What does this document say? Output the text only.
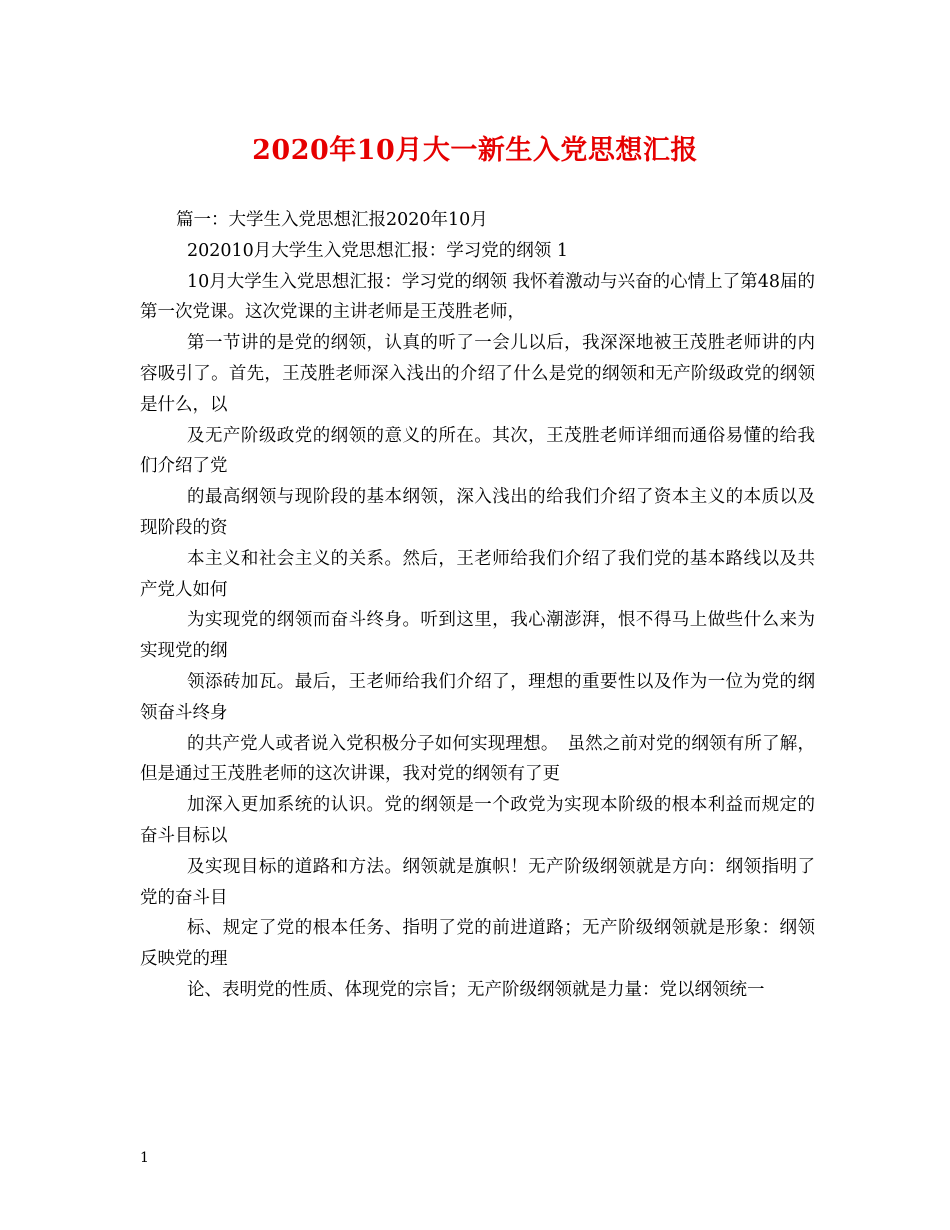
2020年10月大一新生入党思想汇报

篇一：大学生入党思想汇报2020年10月

202010月大学生入党思想汇报：学习党的纲领 1

10月大学生入党思想汇报：学习党的纲领 我怀着激动与兴奋的心情上了第48届的第一次党课。这次党课的主讲老师是王茂胜老师，

第一节讲的是党的纲领，认真的听了一会儿以后，我深深地被王茂胜老师讲的内容吸引了。首先，王茂胜老师深入浅出的介绍了什么是党的纲领和无产阶级政党的纲领是什么，以

及无产阶级政党的纲领的意义的所在。其次，王茂胜老师详细而通俗易懂的给我们介绍了党

的最高纲领与现阶段的基本纲领，深入浅出的给我们介绍了资本主义的本质以及现阶段的资

本主义和社会主义的关系。然后，王老师给我们介绍了我们党的基本路线以及共产党人如何

为实现党的纲领而奋斗终身。听到这里，我心潮澎湃，恨不得马上做些什么来为实现党的纲

领添砖加瓦。最后，王老师给我们介绍了，理想的重要性以及作为一位为党的纲领奋斗终身

的共产党人或者说入党积极分子如何实现理想。　虽然之前对党的纲领有所了解，但是通过王茂胜老师的这次讲课，我对党的纲领有了更

加深入更加系统的认识。党的纲领是一个政党为实现本阶级的根本利益而规定的奋斗目标以

及实现目标的道路和方法。纲领就是旗帜！无产阶级纲领就是方向：纲领指明了党的奋斗目

标、规定了党的根本任务、指明了党的前进道路；无产阶级纲领就是形象：纲领反映党的理

论、表明党的性质、体现党的宗旨；无产阶级纲领就是力量：党以纲领统一

1
